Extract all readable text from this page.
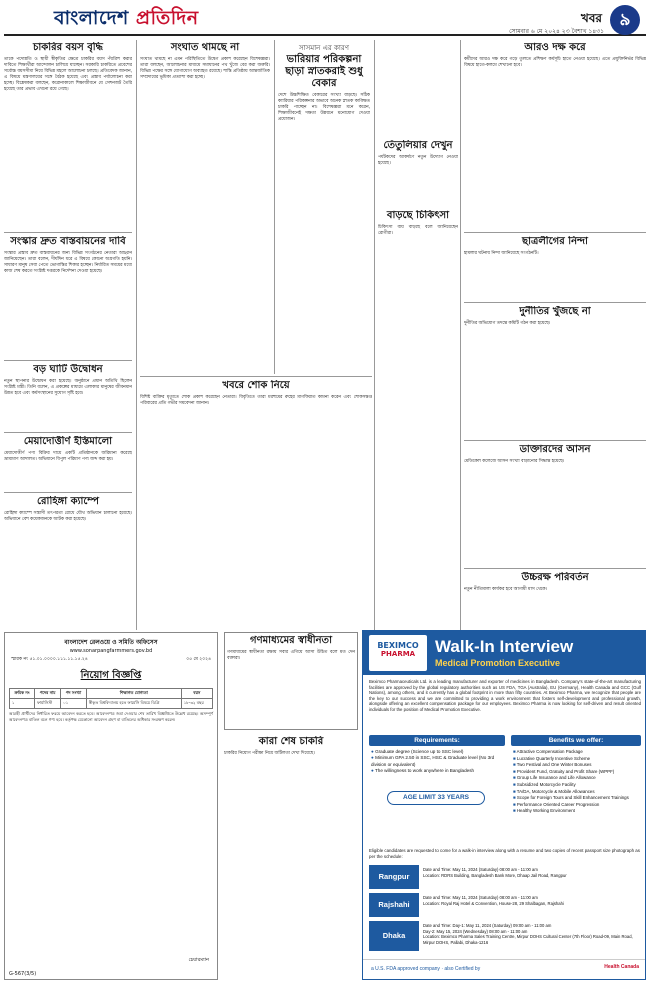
বাংলাদেশ প্রতিদিন	খবর	৯
সোমবার ৬ মে ২০২৪ ২৩ বৈশাখ ১৪৩১
চাকরির বয়স বৃদ্ধি
তাকে পদোন্নতি ও স্থায়ী স্বীকৃতির ক্ষেত্রে চাকরির বয়স পঁয়ত্রিশ করার দাবিতে শিক্ষার্থীরা আন্দোলন চালিয়ে যাচ্ছেন। সরকারি চাকরিতে প্রবেশের সর্বোচ্চ বয়সসীমা নিয়ে বিভিন্ন মহলে আলোচনা চলছে। প্রতিবেদক জানান, এ বিষয়ে মন্ত্রণালয়ের সঙ্গে বৈঠক হয়েছে এবং প্রস্তাব পর্যালোচনা করা হচ্ছে। বিশ্লেষকরা বলছেন, করোনাকালে শিক্ষাজীবনে যে সেশনজট তৈরি হয়েছে তার প্রভাব এখনো রয়ে গেছে।
সংস্কার দ্রুত বাস্তবায়নের দাবি
সংস্কার প্রস্তাব দ্রুত বাস্তবায়নের জন্য বিভিন্ন সংগঠনের নেতারা আহ্বান জানিয়েছেন। তারা বলেন, দীর্ঘদিন ধরে এ বিষয়ে কোনো অগ্রগতি হয়নি। সাধারণ মানুষ সেবা পেতে ভোগান্তির শিকার হচ্ছেন। নির্ধারিত সময়ের মধ্যে কাজ শেষ করতে সংশ্লিষ্ট দপ্তরকে নির্দেশনা দেওয়া হয়েছে।
বড় ঘাটি উদ্বোধন
নতুন স্থাপনার উদ্বোধন করা হয়েছে। অনুষ্ঠানে প্রধান অতিথি ছিলেন সংশ্লিষ্ট মন্ত্রী। তিনি বলেন, এ প্রকল্পের মাধ্যমে এলাকার মানুষের জীবনমান উন্নত হবে এবং কর্মসংস্থানের সুযোগ সৃষ্টি হবে।
মেয়াদোত্তীর্ণ ইস্তিমালো
মেয়াদোত্তীর্ণ পণ্য বিক্রির দায়ে একটি প্রতিষ্ঠানকে জরিমানা করেছে ভ্রাম্যমাণ আদালত। অভিযানে বিপুল পরিমাণ পণ্য জব্দ করা হয়।
রোহিঙ্গা ক্যাম্পে
রোহিঙ্গা ক্যাম্পে সন্ত্রাসী তৎপরতা রোধে যৌথ অভিযান চালানো হয়েছে। অভিযানে বেশ কয়েকজনকে আটক করা হয়েছে।
সংঘাত থামছে না
সংঘাত থামছে না এমন পরিস্থিতিতে উদ্বেগ প্রকাশ করেছেন বিশেষজ্ঞরা। তারা বলছেন, আলোচনার মাধ্যমে সমাধানের পথ খুঁজে বের করা জরুরি। বিভিন্ন পক্ষের সঙ্গে যোগাযোগ অব্যাহত রয়েছে। শান্তি প্রতিষ্ঠায় আন্তর্জাতিক সম্প্রদায়ের ভূমিকা প্রত্যাশা করা হচ্ছে।
সাসমান এর কারণ
ভারিয়ার পরিকল্পনা ছাড়া স্নাতকরাই শুধু বেকার
দেশে উচ্চশিক্ষিত বেকারের সংখ্যা বাড়ছে। সঠিক ক্যারিয়ার পরিকল্পনার অভাবে অনেক স্নাতক কাঙ্ক্ষিত চাকরি পাচ্ছেন না। বিশেষজ্ঞরা মনে করেন, শিক্ষাজীবনেই দক্ষতা উন্নয়নে মনোযোগ দেওয়া প্রয়োজন।
খবরে শোক নিয়ে
বিশিষ্ট ব্যক্তির মৃত্যুতে শোক প্রকাশ করেছেন নেতারা। বিবৃতিতে তারা মরহুমের রুহের মাগফিরাত কামনা করেন এবং শোকসন্তপ্ত পরিবারের প্রতি গভীর সমবেদনা জানান।
তেঁতুলিয়ার দেখুন
পর্যটকদের আকর্ষণে নতুন উদ্যোগ নেওয়া হয়েছে।
বাড়ছে চিকিৎসা
চিকিৎসা ব্যয় বাড়ছে বলে জানিয়েছেন রোগীরা।
আরও দক্ষ করে
কর্মীদের আরও দক্ষ করে গড়ে তুলতে প্রশিক্ষণ কর্মসূচি হাতে নেওয়া হয়েছে। এতে প্রযুক্তিনির্ভর বিভিন্ন বিষয়ে হাতে-কলমে শেখানো হবে।
ছাত্রলীগের নিন্দা
হামলার ঘটনায় নিন্দা জানিয়েছে সংগঠনটি।
দুর্নীতির খুঁজছে না
দুর্নীতির অভিযোগ তদন্তে কমিটি গঠন করা হয়েছে।
ডাক্তারদের আসন
মেডিকেল কলেজে আসন সংখ্যা বাড়ানোর সিদ্ধান্ত হয়েছে।
উচ্চরক্ষ পরিবর্তন
নতুন নীতিমালা কার্যকর হবে আগামী মাস থেকে।
গণমাধ্যমের স্বাধীনতা
গণমাধ্যমের স্বাধীনতা রক্ষায় সবার এগিয়ে আসা উচিত বলে মত দেন বক্তারা।
কারা শেষ চাকরি
চাকরির নিয়োগ পরীক্ষা নিয়ে জটিলতা দেখা দিয়েছে।
বাংলাদেশ রেলওয়ে ও সমিতি অফিসেস
www.sonarpangfarmmers.gov.bd
স্মারক নং ৫১.০১.০০০০.১১১.১১.১৫.২৪	০৫ মে ২০২৪
নিয়োগ বিজ্ঞপ্তি
ক্রমিক নং	পদের নাম	পদ সংখ্যা	শিক্ষাগত যোগ্যতা	বয়স
১	ফার্মাসিস্ট	০১	স্বীকৃত বিশ্ববিদ্যালয় হতে ফার্মেসি বিষয়ে ডিগ্রি	১৮-৩২ বছর
আগ্রহী প্রার্থীদের নির্ধারিত ফরমে আবেদন করতে হবে। আবেদনপত্র জমা দেওয়ার শেষ তারিখ বিজ্ঞপ্তিতে উল্লেখ রয়েছে। অসম্পূর্ণ আবেদনপত্র বাতিল বলে গণ্য হবে। কর্তৃপক্ষ যেকোনো আবেদন গ্রহণ বা বাতিলের অধিকার সংরক্ষণ করেন।
চেয়ারম্যান
G-567(3/5)
BEXIMCO
PHARMA	Walk-In Interview
Medical Promotion Executive
Beximco Pharmaceuticals Ltd. is a leading manufacturer and exporter of medicines in Bangladesh. Company's state-of-the-art manufacturing facilities are approved by the global regulatory authorities such as US FDA, TGA (Australia), EU (Germany), Health Canada and GCC (Gulf Nations), among others, and it currently has a global footprint in more than fifty countries. At Beximco Pharma, we recognize that people are the key to our success and we are committed to providing a work environment that fosters self-development and professional growth, alongside offering an excellent compensation package for our employees. Beximco Pharma is now looking for self-driven and result oriented individuals for the position of Medical Promotion Executive.
Requirements:
● Graduate degree (Science up to SSC level)
● Minimum GPA 2.50 in SSC, HSC & Graduate level (No 3rd division or equivalent)
● The willingness to work anywhere in Bangladesh
AGE LIMIT 33 YEARS
Benefits we offer:
■ Attractive Compensation Package
■ Lucrative Quarterly Incentive Scheme
■ Two Festival and One Winter Bonuses
■ Provident Fund, Gratuity and Profit Share (WPPF)
■ Group Life Insurance and Life Allowance
■ Subsidized Motorcycle Facility
■ TA/DA, Motorcycle & Mobile Allowances
■ Scope for Foreign Tours and Skill Enhancement Trainings
■ Performance Oriented Career Progression
■ Healthy Working Environment
Eligible candidates are requested to come for a walk-in interview along with a resume and two copies of recent passport size photograph as per the schedule:
Rangpur
Date and Time: May 11, 2024 (Saturday) 08:00 am - 11:00 am
Location: RDRS Building, Bangladesh Bank More, Dhaap Jail Road, Rangpur
Rajshahi
Date and Time: May 11, 2024 (Saturday) 08:00 am - 11:00 am
Location: Royal Raj Hotel & Convention, House-28, 29 Shalbagan, Rajshahi
Dhaka
Date and Time: Day-1: May 11, 2024 (Saturday) 09:00 am - 11:00 am
Day-2: May 15, 2024 (Wednesday) 08:00 am - 11:00 am
Location: Beximco Pharma Sales Training Centre, Mirpur DOHS Cultural Center (7th Floor) Road-09, Main Road, Mirpur DOHS, Pallabi, Dhaka-1216
a U.S. FDA approved company · also Certified by	Health Canada
